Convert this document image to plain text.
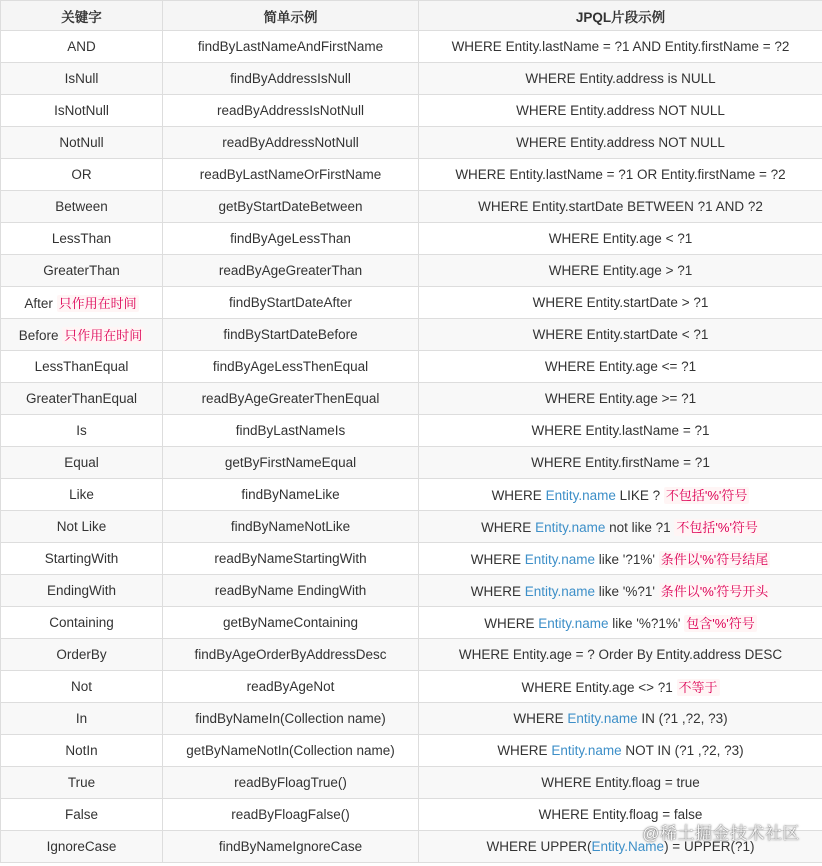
关键字	简单示例	JPQL片段示例
AND	findByLastNameAndFirstName	WHERE Entity.lastName = ?1 AND Entity.firstName = ?2
IsNull	findByAddressIsNull	WHERE Entity.address is NULL
IsNotNull	readByAddressIsNotNull	WHERE Entity.address NOT NULL
NotNull	readByAddressNotNull	WHERE Entity.address NOT NULL
OR	readByLastNameOrFirstName	WHERE Entity.lastName = ?1 OR Entity.firstName = ?2
Between	getByStartDateBetween	WHERE Entity.startDate BETWEEN ?1 AND ?2
LessThan	findByAgeLessThan	WHERE Entity.age < ?1
GreaterThan	readByAgeGreaterThan	WHERE Entity.age > ?1
After 只作用在时间	findByStartDateAfter	WHERE Entity.startDate > ?1
Before 只作用在时间	findByStartDateBefore	WHERE Entity.startDate < ?1
LessThanEqual	findByAgeLessThenEqual	WHERE Entity.age <= ?1
GreaterThanEqual	readByAgeGreaterThenEqual	WHERE Entity.age >= ?1
Is	findByLastNameIs	WHERE Entity.lastName = ?1
Equal	getByFirstNameEqual	WHERE Entity.firstName = ?1
Like	findByNameLike	WHERE Entity.name LIKE ? 不包括'%'符号
Not Like	findByNameNotLike	WHERE Entity.name not like ?1 不包括'%'符号
StartingWith	readByNameStartingWith	WHERE Entity.name like '?1%' 条件以'%'符号结尾
EndingWith	readByName EndingWith	WHERE Entity.name like '%?1' 条件以'%'符号开头
Containing	getByNameContaining	WHERE Entity.name like '%?1%' 包含'%'符号
OrderBy	findByAgeOrderByAddressDesc	WHERE Entity.age = ? Order By Entity.address DESC
Not	readByAgeNot	WHERE Entity.age <> ?1 不等于
In	findByNameIn(Collection name)	WHERE Entity.name IN (?1 ,?2, ?3)
NotIn	getByNameNotIn(Collection name)	WHERE Entity.name NOT IN (?1 ,?2, ?3)
True	readByFloagTrue()	WHERE Entity.floag = true
False	readByFloagFalse()	WHERE Entity.floag = false
IgnoreCase	findByNameIgnoreCase	WHERE UPPER(Entity.Name) = UPPER(?1)
@稀土掘金技术社区
